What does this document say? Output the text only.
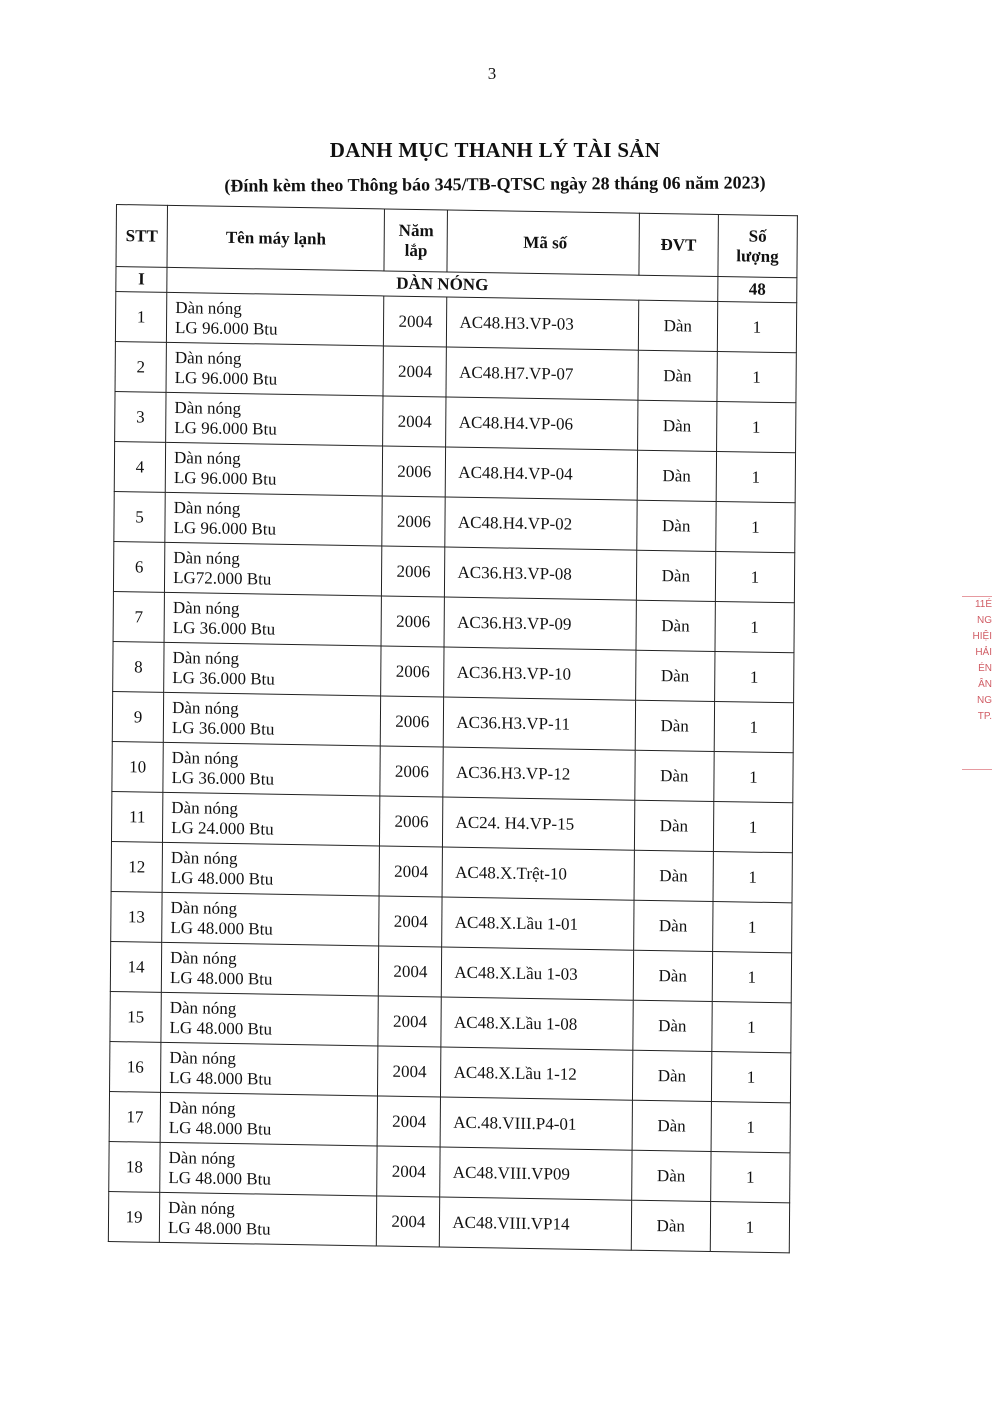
3
DANH MỤC THANH LÝ TÀI SẢN
(Đính kèm theo Thông báo 345/TB-QTSC ngày 28 tháng 06 năm 2023)
STT	Tên máy lạnh	Năm lắp	Mã số	ĐVT	Số lượng
I	DÀN NÓNG				48
1	Dàn nóng
LG 96.000 Btu	2004	AC48.H3.VP-03	Dàn	1
2	Dàn nóng
LG 96.000 Btu	2004	AC48.H7.VP-07	Dàn	1
3	Dàn nóng
LG 96.000 Btu	2004	AC48.H4.VP-06	Dàn	1
4	Dàn nóng
LG 96.000 Btu	2006	AC48.H4.VP-04	Dàn	1
5	Dàn nóng
LG 96.000 Btu	2006	AC48.H4.VP-02	Dàn	1
6	Dàn nóng
LG72.000 Btu	2006	AC36.H3.VP-08	Dàn	1
7	Dàn nóng
LG 36.000 Btu	2006	AC36.H3.VP-09	Dàn	1
8	Dàn nóng
LG 36.000 Btu	2006	AC36.H3.VP-10	Dàn	1
9	Dàn nóng
LG 36.000 Btu	2006	AC36.H3.VP-11	Dàn	1
10	Dàn nóng
LG 36.000 Btu	2006	AC36.H3.VP-12	Dàn	1
11	Dàn nóng
LG 24.000 Btu	2006	AC24. H4.VP-15	Dàn	1
12	Dàn nóng
LG 48.000 Btu	2004	AC48.X.Trệt-10	Dàn	1
13	Dàn nóng
LG 48.000 Btu	2004	AC48.X.Lầu 1-01	Dàn	1
14	Dàn nóng
LG 48.000 Btu	2004	AC48.X.Lầu 1-03	Dàn	1
15	Dàn nóng
LG 48.000 Btu	2004	AC48.X.Lầu 1-08	Dàn	1
16	Dàn nóng
LG 48.000 Btu	2004	AC48.X.Lầu 1-12	Dàn	1
17	Dàn nóng
LG 48.000 Btu	2004	AC.48.VIII.P4-01	Dàn	1
18	Dàn nóng
LG 48.000 Btu	2004	AC48.VIII.VP09	Dàn	1
19	Dàn nóng
LG 48.000 Btu	2004	AC48.VIII.VP14	Dàn	1
11É
NG
HIỆI
HẢI
ÉN
ÂN
NG
TP.
